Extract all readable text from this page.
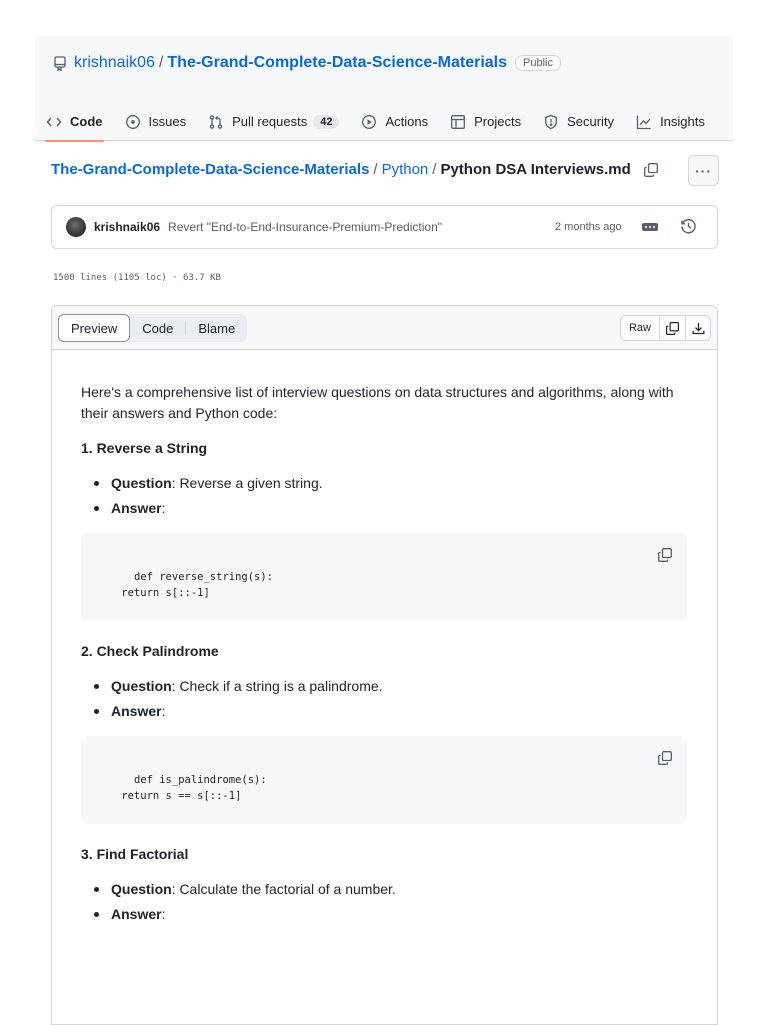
krishnaik06 / The-Grand-Complete-Data-Science-Materials	Public
Code	Issues	Pull requests	42	Actions	Projects	Security	Insights
The-Grand-Complete-Data-Science-Materials / Python / Python DSA Interviews.md	···
krishnaik06 Revert "End-to-End-Insurance-Premium-Prediction"	2 months ago
1500 lines (1105 loc) · 63.7 KB
Preview	Code	Blame	Raw

Here's a comprehensive list of interview questions on data structures and algorithms, along with their answers and Python code:

1. Reverse a String
Question: Reverse a given string.
Answer:

def reverse_string(s):
return s[::-1]

2. Check Palindrome
Question: Check if a string is a palindrome.
Answer:

def is_palindrome(s):
return s == s[::-1]

3. Find Factorial
Question: Calculate the factorial of a number.
Answer:
